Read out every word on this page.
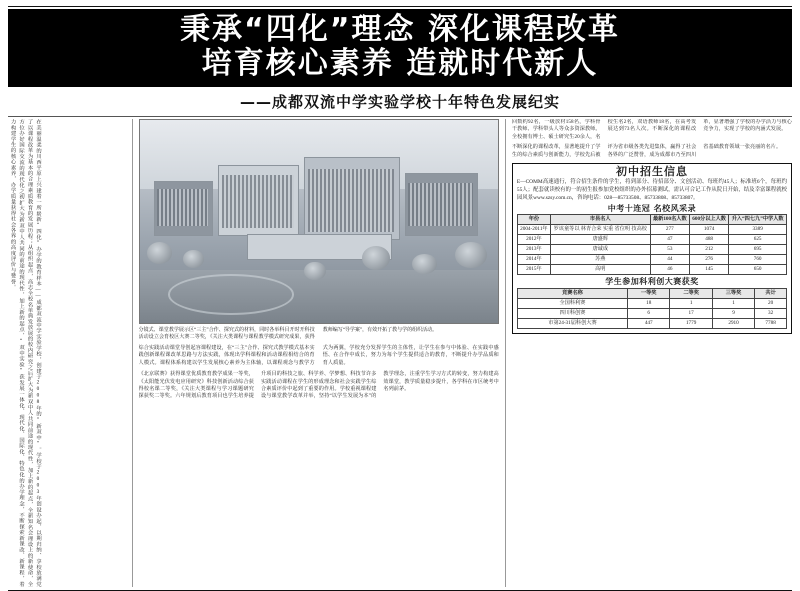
秉承“四化”理念 深化课程改革
培育核心素养 造就时代新人
——成都双流中学实验学校十年特色发展纪实
在美丽温柔的川西平原上兴建着一所崭新“四化”办学的教育样本——成都双流中学实验学校，创建于2008年的“新双中”。学校于2003年创设办起，以期归纳、享校放满党了以课程改革为基本的合理素质教育的发展历程；从组织起点，高志全校名单典发放展的校内研究之后扩大为新双中人共同前途的现代性，加上新的起点，全新知名会理设上的新使命，全方位办好国际交流的现代化之初扩大为新双中人共同的前途的现代性，加上新的起点，“双中实验”获发展一体化、现代化、国际化、特色化的办学理念，不断探索新课改、新课程，着力构建学生的核心素养，办学质量获得社会各界的高度评价与赞誉。
分镜式、课堂教学展示区“三主”合作、探究式的材料，同时各举科目开时开科技活动设立会育校区大赛二等奖，《关注大类课程与课程教学模式研究成果，获得教师编写“导学案”，有效开拓了教与学的组织活动。
综合实践活动课堂导创起容课程建设，在“三主”合作、探究式教学模式基本实践创新课程课改革思路与方法实践，体现出学科课程和活动课程相结合的育人模式。课程体系构建以学生发展核心素养为主体轴，以课程观念与教学方式为两翼，学校充分发挥学生的主体性，让学生在参与中体验、在实践中感悟、在合作中成长，努力为每个学生提供适合的教育，不断提升办学品质和育人质量。
《北京联赛》获得课堂优质教育教学成果一等奖，《太阳能光伏发电应用研究》科技创新活动综合获得校名课二等奖，《关注大类课程与学习课题研究探获奖二等奖。六年规划后教育项目也学生培养提升项目的科技之旅、科学养、学梦想、科技节许多实践活动课程在学生的形成理念和社会实践学生综合素质评价中起到了重要的作用。学校重视课程建设与课堂教学改革并举，坚持“以学生发展为本”的教学理念，注重学生学习方式的转变，努力构建高效课堂，教学质量稳步提升，各学科在市区统考中名列前茅。
回数约92名，一级放材158名，学科骨干教师、学科带头人等众多资深教师。全校拥有博士、硕士研究生20余人，名校生名2名，双语教师18名，在高考发展达到73名人次。不断深化的课程改革，显著增强了学校的办学活力与核心竞争力，实现了学校的内涵式发展。
不断深化的课程改革，显著地提升了学生的综合素质与创新能力，学校先后被评为省市级各类先进集体，赢得了社会各界的广泛赞誉，成为成都市乃至四川省基础教育领域一张亮丽的名片。
初中招生信息
E—COMM高速通行，符合招生条件的学生，将到部分、待招部分、文创活动、每班约45人；标准班6个，每班约55人；配套就读校有的一的初生报参加党校组织的办外招募测试，需认可合记工作从院日开始，结及幸富课程就校园风景www.szsy.com.cn，咨询电话：028—85733508、85733808、85733807。
中考十连冠 名校风采录
年份	市县名人	最新100名人数	600分以上人数	升入“四七九”中学人数
2004-2011年	罗该童等以 林青合荣 实重 省位明 技高校	277	1074	3389
2012年	唐盛辉	47	488	625
2013年	唐诚成	53	212	695
2014年	苏燕	44	276	760
2015年	高明	46	145	650
学生参加科利创大赛获奖
竞赛名称	一等奖	二等奖	三等奖	共计
全国科利赛	18	1	1	20
四川科创赛	6	17	9	32
市第24-31届科创大赛	447	1779	2910	7788
